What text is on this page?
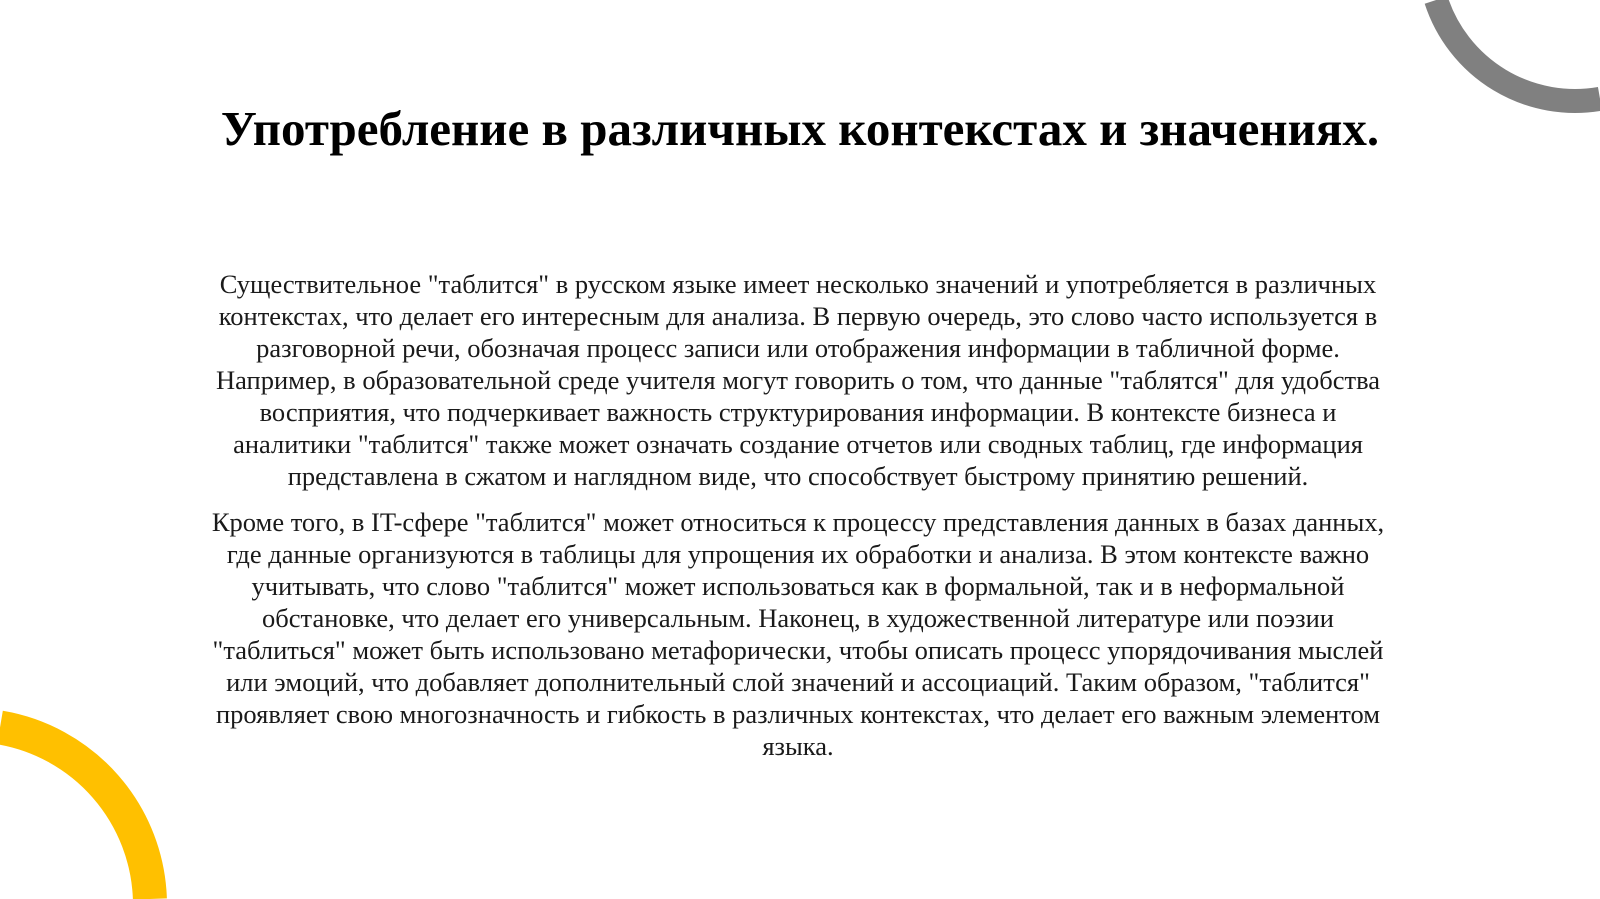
Употребление в различных контекстах и значениях.
Существительное "таблится" в русском языке имеет несколько значений и употребляется в различных
контекстах, что делает его интересным для анализа. В первую очередь, это слово часто используется в
разговорной речи, обозначая процесс записи или отображения информации в табличной форме.
Например, в образовательной среде учителя могут говорить о том, что данные "таблятся" для удобства
восприятия, что подчеркивает важность структурирования информации. В контексте бизнеса и
аналитики "таблится" также может означать создание отчетов или сводных таблиц, где информация
представлена в сжатом и наглядном виде, что способствует быстрому принятию решений.
Кроме того, в IT-сфере "таблится" может относиться к процессу представления данных в базах данных,
где данные организуются в таблицы для упрощения их обработки и анализа. В этом контексте важно
учитывать, что слово "таблится" может использоваться как в формальной, так и в неформальной
обстановке, что делает его универсальным. Наконец, в художественной литературе или поэзии
"таблиться" может быть использовано метафорически, чтобы описать процесс упорядочивания мыслей
или эмоций, что добавляет дополнительный слой значений и ассоциаций. Таким образом, "таблится"
проявляет свою многозначность и гибкость в различных контекстах, что делает его важным элементом
языка.
